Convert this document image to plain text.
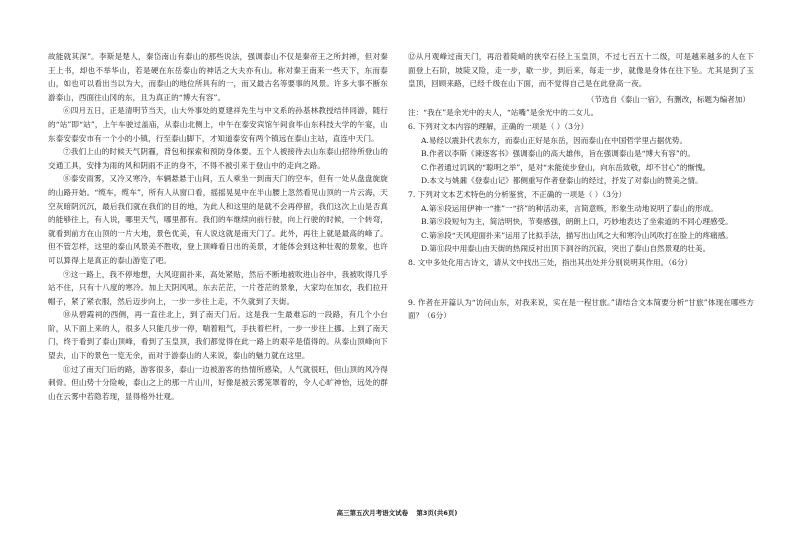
故能就其深”。李斯是楚人，秦岱南山有泰山的那些说法，强调泰山不仅是秦帝王之所封禅，但对秦王上书，却也不举华山，若是硬在东岳泰山的神话之大夫亦有山。称对秦王南来一些天下，东而泰山，如也可以看出当以为大，而泰山的地位所具有的一，而又最古名等要事的风景。许多大事不断东游泰山，西面往山冈的东，且为真正的“博大有容”。

⑥四月五日，正是清明节当天，山大外事处的夏建祥先生与中文系的孙基林教授结伴同游，随行的“站”即“站”，上午车驶过盖庙，从泰山北侧上，中午在泰安宾馆午间食毕山东科技大学的午宴，山东泰安泰安市有一个小的小镇，行至泰山脚下，才知道泰安有两个镇远在泰山主站，直连中天门。

⑦我们上山的时候天气阴霾，背包和探索和预防身体要。五个人被接待去山东泰山招待所登山的交通工具，安排为雨的风和阴雨不正的身不，不得不被引来于登山中的走向之路。

⑧泰安雨雾，又冷又寒冷，车辆悬悬于山间，五人乘坐一到南天门的空车，但有一处从盘盘旋旋的山路开始。“缆车，缆车”，所有人从窗口看，摇摇晃晃中在半山腰上忽然看见山顶的一片云海，天空灰暗阴沉沉，最后我们就在我们的目的地，为此人和这里的是就不会再停留，我们这次上山是否真的能够往上，有人说，哪里天气，哪里都有。我们的车继续向前行驶，向上行驶的时候，一个转弯，就看到前方在山顶的一片大地，景色优美，有人说这就是南天门了。此外，再往上就是最高的峰了。但不管怎样，这里的泰山风景美不胜收，登上顶峰看日出的美景，才能体会到这种壮观的景象，也许可以算得上是真正的泰山游览了吧。

⑨这一路上，我不停地想，大风迎面扑来，高处紧贴，然后不断地被吹进山谷中，我被吹得几乎站不住，只有十八度的寒冷。加上天阴风吼，东去茫茫，一片苍茫的景象，大家均在加衣，我们拉开帽子，紧了紧衣服，然后迈步向上，一步一步往上走，不久就到了天街。

⑩从碧霞祠的西侧，再一直往北上，到了南天门后。这是我一生最难忘的一段路，有几个小台阶，从下面上来的人，很多人只能几步一停，喘着粗气，手扶着栏杆，一步一步往上挪。上到了南天门，终于看到了泰山顶峰，看到了玉皇顶，我们都觉得在此一路上的艰辛是值得的。从泰山顶峰向下望去，山下的景色一览无余，而对于游泰山的人来说，泰山的魅力就在这里。

⑪过了南天门后的路，游客很多，泰山一边被游客的热情所感染，人气就很旺，但山顶的风冷得刺骨。但山势十分险峻，泰山之上的那一片山川，好像是被云雾笼罩着的，令人心旷神怡，远处的群山在云雾中若隐若现，显得格外壮观。

⑫从月观峰过南天门，再沿着陡峭的狭窄石径上玉皇顶，不过七百五十二级，可是越来越多的人在下面登上石阶，坡陡又险，走一步，歇一步，到后来，每走一步，就像是身体在往下坠。尤其是到了玉皇顶，回顾来路，已经千级在山下面，而不觉得自己是在此登高一夜。

（节选自《泰山一宿》，有删改，标题为编者加）

注：“我在”是余光中的夫人，“站嘴”是余光中的二女儿。

6. 下列对文本内容的理解，正确的一项是（ ）（3分）

A.易经以震卦代表东方，而泰山正好是东岳，因而泰山在中国哲学里占据优势。

B.作者以李斯《谏逐客书》强调泰山的高大雄伟，旨在强调泰山是“博大有容”的。

C.作者通过讥讽的“聪明之举”，是对“未能徒步登山，向东岳致敬，却不甘心”的惭愧。

D.本文与姚鼐《登泰山记》都侧重写作者登泰山的经过，抒发了对泰山的赞美之情。

7. 下列对文本艺术特色的分析鉴赏，不正确的一项是（ ）（3分）

A.第⑧段运用伊神一“推”一“挤”的种活动来，言简意赅，形象生动地说明了泰山的形成。

B.第⑨段短句为主，简洁明快，节奏感强，朗朗上口，巧妙地表达了坐索道的不同心理感受。

C.第⑩段“天风迎面扑来”运用了比拟手法，描写出山风之大和寒冷山风吹打在脸上的疼痛感。

D.第⑪段中用泰山由天街的热闹反衬出顶下洞谷的沉寂，突出了泰山自然景观的壮美。

8. 文中多处化用古诗文，请从文中找出三处，指出其出处并分别说明其作用。（6分）

9. 作者在开篇认为“访问山东，对我来说，实在是一程甘旅。”请结合文本简要分析“甘旅”体现在哪些方面？（6分）

高三第五次月考语文试卷 第3页(共6页)
